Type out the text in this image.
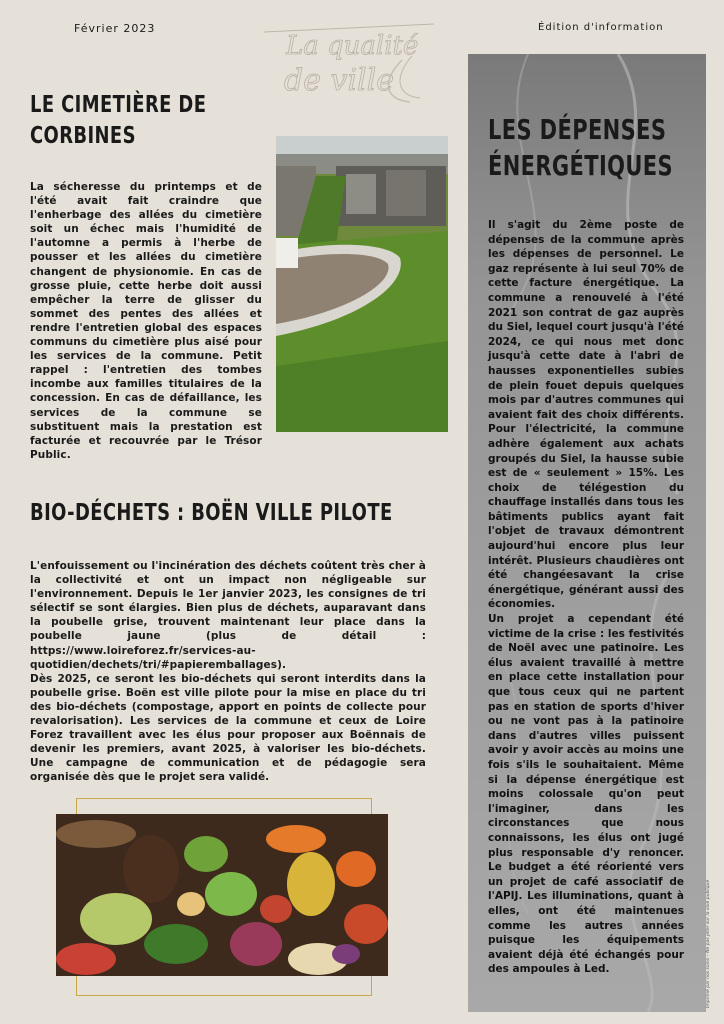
Février 2023
La qualité
de ville
Édition d'information
LE CIMETIÈRE DE
CORBINES
La sécheresse du printemps et de l'été avait fait craindre que l'enherbage des allées du cimetière soit un échec mais l'humidité de l'automne a permis à l'herbe de pousser et les allées du cimetière changent de physionomie. En cas de grosse pluie, cette herbe doit aussi empêcher la terre de glisser du sommet des pentes des allées et rendre l'entretien global des espaces communs du cimetière plus aisé pour les services de la commune. Petit rappel : l'entretien des tombes incombe aux familles titulaires de la concession. En cas de défaillance, les services de la commune se substituent mais la prestation est facturée et recouvrée par le Trésor Public.
BIO-DÉCHETS : BOËN VILLE PILOTE
L'enfouissement ou l'incinération des déchets coûtent très cher à la collectivité et ont un impact non négligeable sur l'environnement. Depuis le 1er janvier 2023, les consignes de tri sélectif se sont élargies. Bien plus de déchets, auparavant dans la poubelle grise, trouvent maintenant leur place dans la poubelle jaune (plus de détail : https://www.loireforez.fr/services-au-quotidien/dechets/tri/#papieremballages).
Dès 2025, ce seront les bio-déchets qui seront interdits dans la poubelle grise. Boën est ville pilote pour la mise en place du tri des bio-déchets (compostage, apport en points de collecte pour revalorisation). Les services de la commune et ceux de Loire Forez travaillent avec les élus pour proposer aux Boënnais de devenir les premiers, avant 2025, à valoriser les bio-déchets. Une campagne de communication et de pédagogie sera organisée dès que le projet sera validé.
LES DÉPENSES
ÉNERGÉTIQUES

Il s'agit du 2ème poste de dépenses de la commune après les dépenses de personnel. Le gaz représente à lui seul 70% de cette facture énergétique. La commune a renouvelé à l'été 2021 son contrat de gaz auprès du Siel, lequel court jusqu'à l'été 2024, ce qui nous met donc jusqu'à cette date à l'abri de hausses exponentielles subies de plein fouet depuis quelques mois par d'autres communes qui avaient fait des choix différents. Pour l'électricité, la commune adhère également aux achats groupés du Siel, la hausse subie est de « seulement » 15%. Les choix de télégestion du chauffage installés dans tous les bâtiments publics ayant fait l'objet de travaux démontrent aujourd'hui encore plus leur intérêt. Plusieurs chaudières ont été changéesavant la crise énergétique, générant aussi des économies.

Un projet a cependant été victime de la crise : les festivités de Noël avec une patinoire. Les élus avaient travaillé à mettre en place cette installation pour que tous ceux qui ne partent pas en station de sports d'hiver ou ne vont pas à la patinoire dans d'autres villes puissent avoir y avoir accès au moins une fois s'ils le souhaitaient. Même si la dépense énergétique est moins colossale qu'on peut l'imaginer, dans les circonstances que nous connaissons, les élus ont jugé plus responsable d'y renoncer. Le budget a été réorienté vers un projet de café associatif de l'APIJ. Les illuminations, quant à elles, ont été maintenues comme les autres années puisque les équipements avaient déjà été échangés pour des ampoules à Led.	Imprimé par nos soins – Ne pas jeter sur la voie publique
